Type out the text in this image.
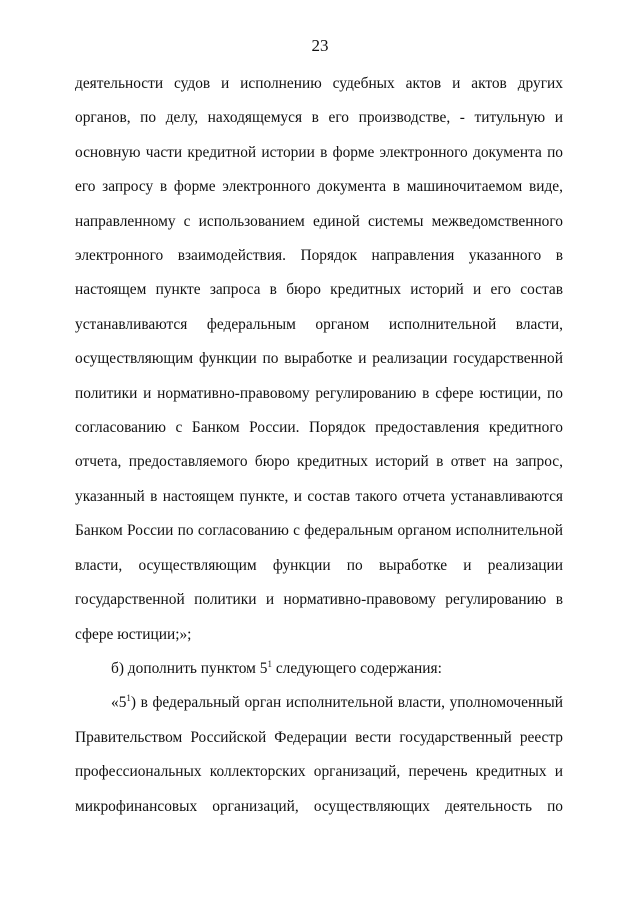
23

деятельности судов и исполнению судебных актов и актов других органов, по делу, находящемуся в его производстве, - титульную и основную части кредитной истории в форме электронного документа по его запросу в форме электронного документа в машиночитаемом виде, направленному с использованием единой системы межведомственного электронного взаимодействия. Порядок направления указанного в настоящем пункте запроса в бюро кредитных историй и его состав устанавливаются федеральным органом исполнительной власти, осуществляющим функции по выработке и реализации государственной политики и нормативно-правовому регулированию в сфере юстиции, по согласованию с Банком России. Порядок предоставления кредитного отчета, предоставляемого бюро кредитных историй в ответ на запрос, указанный в настоящем пункте, и состав такого отчета устанавливаются Банком России по согласованию с федеральным органом исполнительной власти, осуществляющим функции по выработке и реализации государственной политики и нормативно-правовому регулированию в сфере юстиции;»;

б) дополнить пунктом $5^1$ следующего содержания:

«$5^1$) в федеральный орган исполнительной власти, уполномоченный Правительством Российской Федерации вести государственный реестр профессиональных коллекторских организаций, перечень кредитных и микрофинансовых организаций, осуществляющих деятельность по
